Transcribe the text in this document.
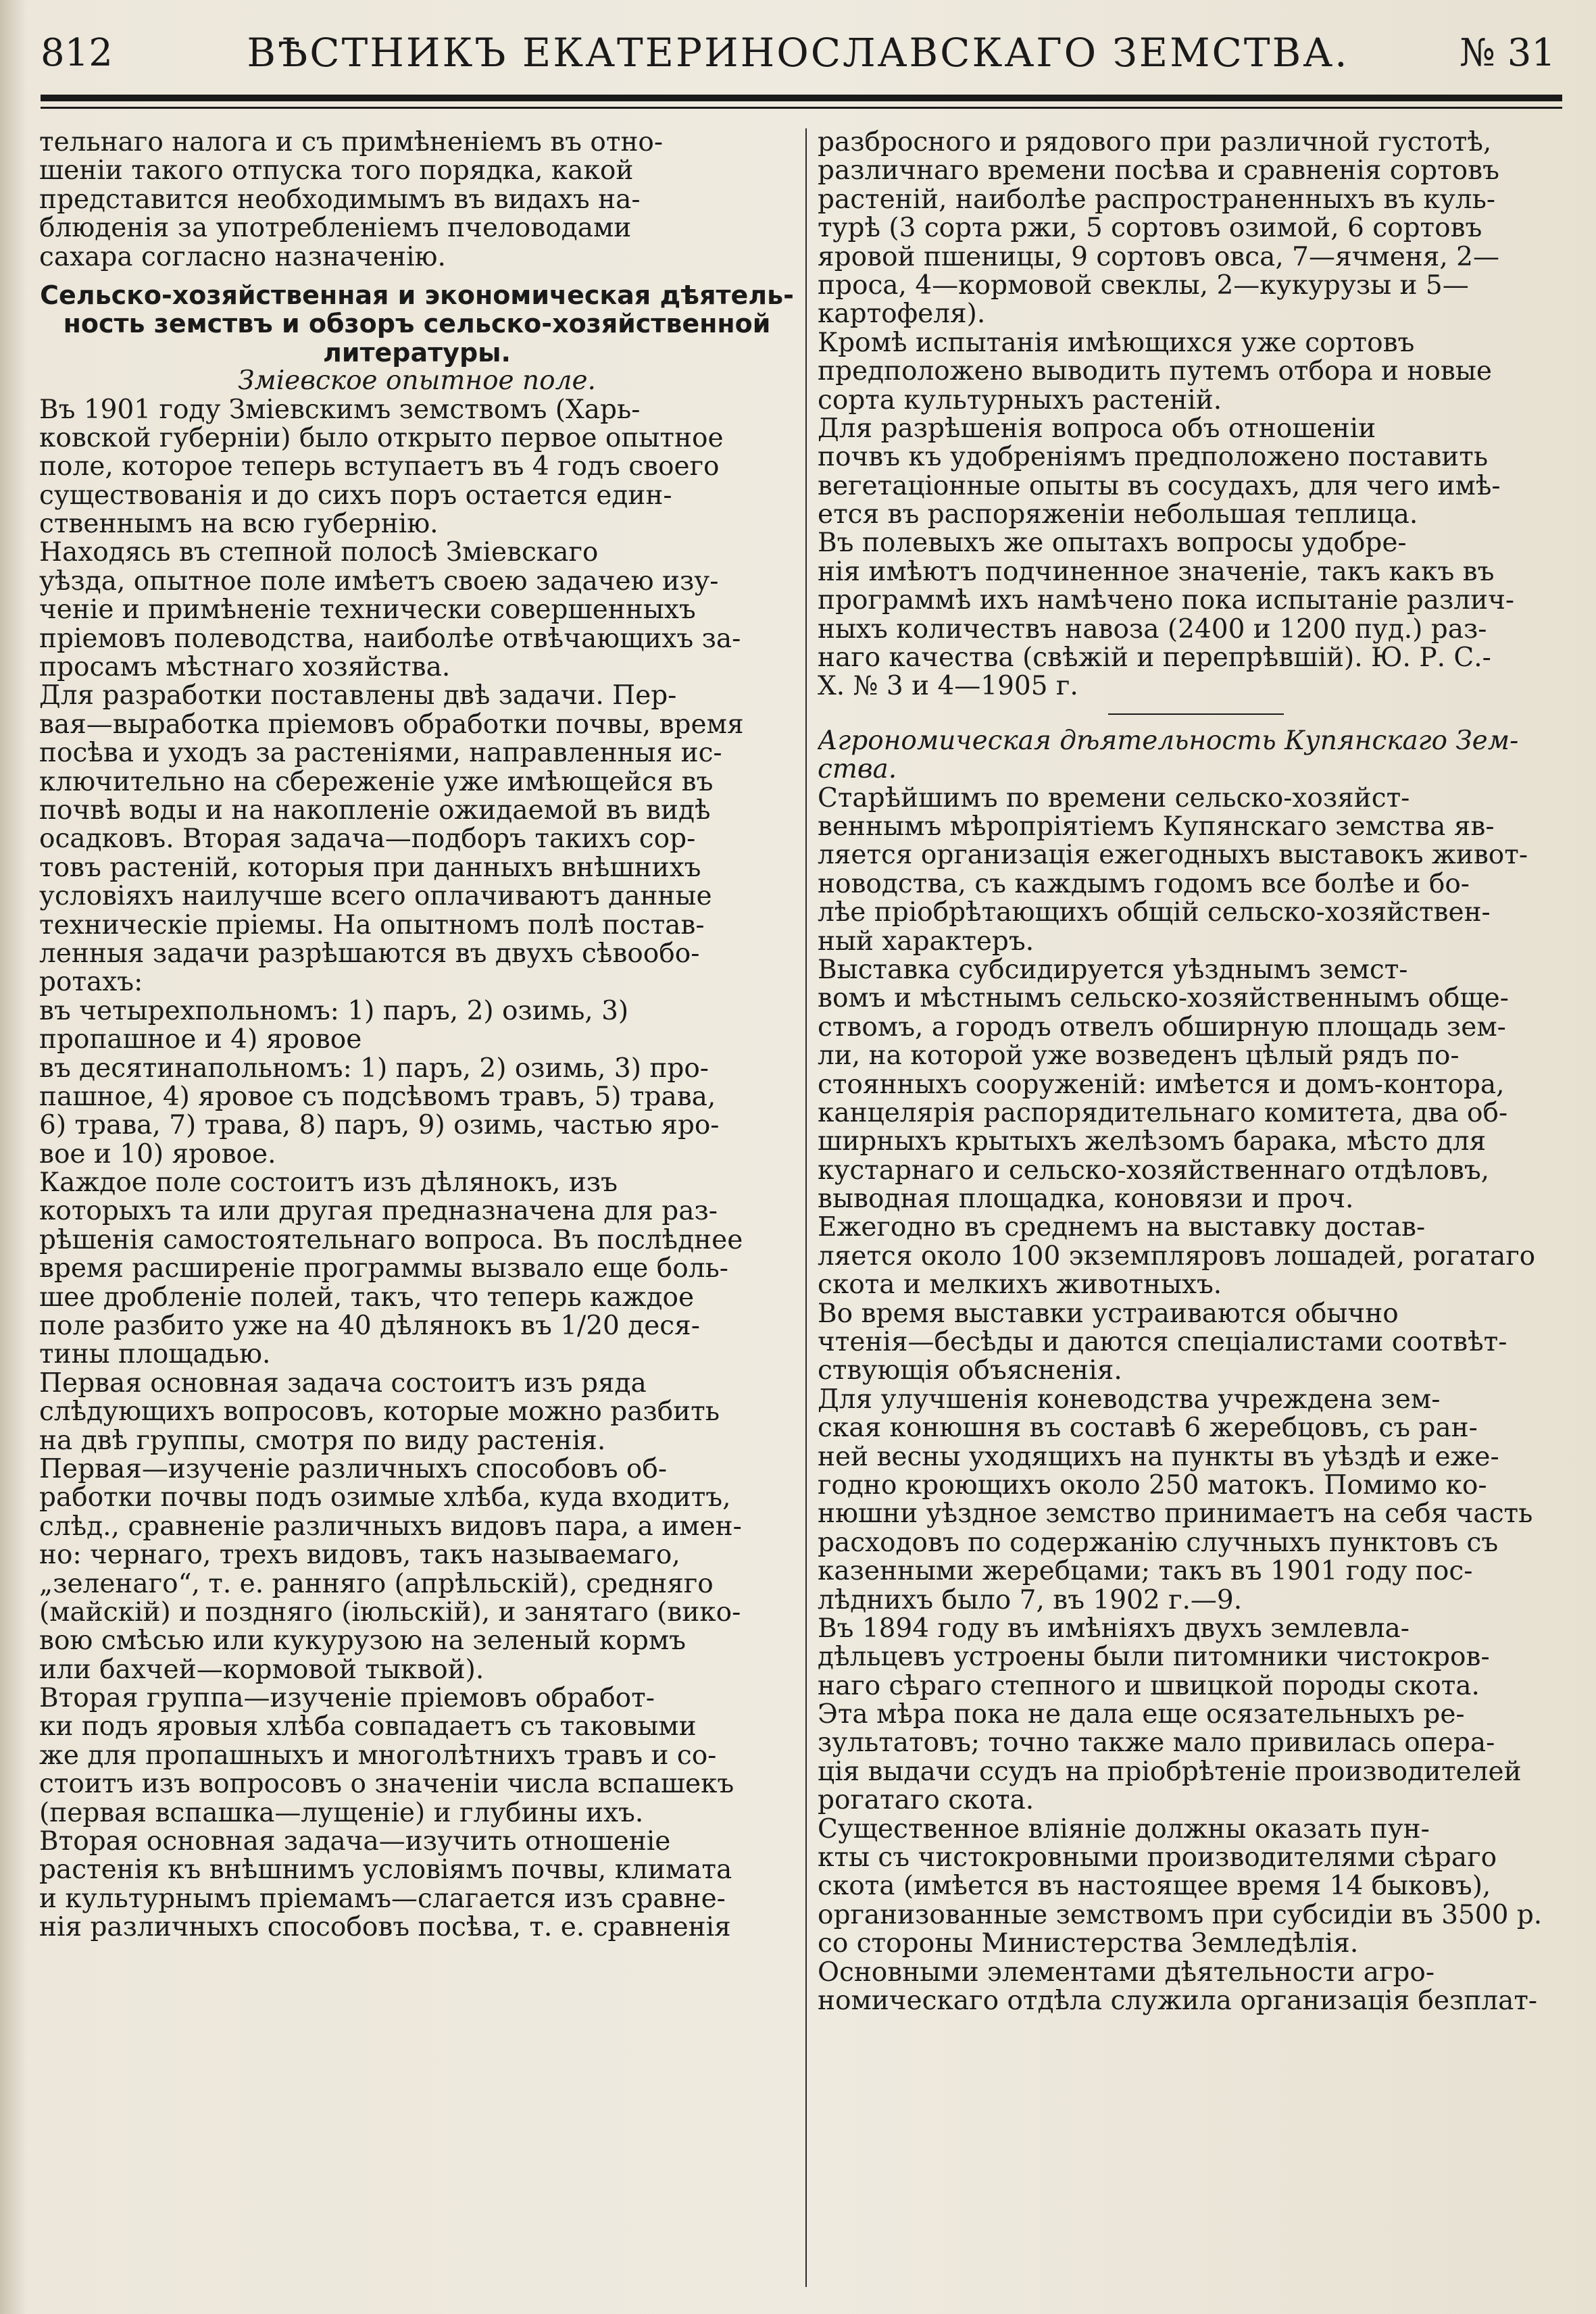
812	ВѢСТНИКЪ ЕКАТЕРИНОСЛАВСКАГО ЗЕМСТВА.	№ 31
тельнаго налога и съ примѣненіемъ въ отно-
шеніи такого отпуска того порядка, какой
представится необходимымъ въ видахъ на-
блюденія за употребленіемъ пчеловодами
сахара согласно назначенію.
Сельско-хозяйственная и экономическая дѣятель-
ность земствъ и обзоръ сельско-хозяйственной
литературы.
Зміевское опытное поле.
Въ 1901 году Зміевскимъ земствомъ (Харь-
ковской губерніи) было открыто первое опытное
поле, которое теперь вступаетъ въ 4 годъ своего
существованія и до сихъ поръ остается един-
ственнымъ на всю губернію.
Находясь въ степной полосѣ Зміевскаго
уѣзда, опытное поле имѣетъ своею задачею изу-
ченіе и примѣненіе технически совершенныхъ
пріемовъ полеводства, наиболѣе отвѣчающихъ за-
просамъ мѣстнаго хозяйства.
Для разработки поставлены двѣ задачи. Пер-
вая—выработка пріемовъ обработки почвы, время
посѣва и уходъ за растеніями, направленныя ис-
ключительно на сбереженіе уже имѣющейся въ
почвѣ воды и на накопленіе ожидаемой въ видѣ
осадковъ. Вторая задача—подборъ такихъ сор-
товъ растеній, которыя при данныхъ внѣшнихъ
условіяхъ наилучше всего оплачиваютъ данные
техническіе пріемы. На опытномъ полѣ постав-
ленныя задачи разрѣшаются въ двухъ сѣвообо-
ротахъ:
въ четырехпольномъ: 1) паръ, 2) озимь, 3)
пропашное и 4) яровое
въ десятинапольномъ: 1) паръ, 2) озимь, 3) про-
пашное, 4) яровое съ подсѣвомъ травъ, 5) трава,
6) трава, 7) трава, 8) паръ, 9) озимь, частью яро-
вое и 10) яровое.
Каждое поле состоитъ изъ дѣлянокъ, изъ
которыхъ та или другая предназначена для раз-
рѣшенія самостоятельнаго вопроса. Въ послѣднее
время расширеніе программы вызвало еще боль-
шее дробленіе полей, такъ, что теперь каждое
поле разбито уже на 40 дѣлянокъ въ 1/20 деся-
тины площадью.
Первая основная задача состоитъ изъ ряда
слѣдующихъ вопросовъ, которые можно разбить
на двѣ группы, смотря по виду растенія.
Первая—изученіе различныхъ способовъ об-
работки почвы подъ озимые хлѣба, куда входитъ,
слѣд., сравненіе различныхъ видовъ пара, а имен-
но: чернаго, трехъ видовъ, такъ называемаго,
„зеленаго“, т. е. ранняго (апрѣльскій), средняго
(майскій) и поздняго (іюльскій), и занятаго (вико-
вою смѣсью или кукурузою на зеленый кормъ
или бахчей—кормовой тыквой).
Вторая группа—изученіе пріемовъ обработ-
ки подъ яровыя хлѣба совпадаетъ съ таковыми
же для пропашныхъ и многолѣтнихъ травъ и со-
стоитъ изъ вопросовъ о значеніи числа вспашекъ
(первая вспашка—лущеніе) и глубины ихъ.
Вторая основная задача—изучить отношеніе
растенія къ внѣшнимъ условіямъ почвы, климата
и культурнымъ пріемамъ—слагается изъ сравне-
нія различныхъ способовъ посѣва, т. е. сравненія
разбросного и рядового при различной густотѣ,
различнаго времени посѣва и сравненія сортовъ
растеній, наиболѣе распространенныхъ въ куль-
турѣ (3 сорта ржи, 5 сортовъ озимой, 6 сортовъ
яровой пшеницы, 9 сортовъ овса, 7—ячменя, 2—
проса, 4—кормовой свеклы, 2—кукурузы и 5—
картофеля).
Кромѣ испытанія имѣющихся уже сортовъ
предположено выводить путемъ отбора и новые
сорта культурныхъ растеній.
Для разрѣшенія вопроса объ отношеніи
почвъ къ удобреніямъ предположено поставить
вегетаціонные опыты въ сосудахъ, для чего имѣ-
ется въ распоряженіи небольшая теплица.
Въ полевыхъ же опытахъ вопросы удобре-
нія имѣютъ подчиненное значеніе, такъ какъ въ
программѣ ихъ намѣчено пока испытаніе различ-
ныхъ количествъ навоза (2400 и 1200 пуд.) раз-
наго качества (свѣжій и перепрѣвшій). Ю. Р. С.-
Х. № 3 и 4—1905 г.
Агрономическая дѣятельность Купянскаго Зем-
ства.
Старѣйшимъ по времени сельско-хозяйст-
веннымъ мѣропріятіемъ Купянскаго земства яв-
ляется организація ежегодныхъ выставокъ живот-
новодства, съ каждымъ годомъ все болѣе и бо-
лѣе пріобрѣтающихъ общій сельско-хозяйствен-
ный характеръ.
Выставка субсидируется уѣзднымъ земст-
вомъ и мѣстнымъ сельско-хозяйственнымъ обще-
ствомъ, а городъ отвелъ обширную площадь зем-
ли, на которой уже возведенъ цѣлый рядъ по-
стоянныхъ сооруженій: имѣется и домъ-контора,
канцелярія распорядительнаго комитета, два об-
ширныхъ крытыхъ желѣзомъ барака, мѣсто для
кустарнаго и сельско-хозяйственнаго отдѣловъ,
выводная площадка, коновязи и проч.
Ежегодно въ среднемъ на выставку достав-
ляется около 100 экземпляровъ лошадей, рогатаго
скота и мелкихъ животныхъ.
Во время выставки устраиваются обычно
чтенія—бесѣды и даются спеціалистами соотвѣт-
ствующія объясненія.
Для улучшенія коневодства учреждена зем-
ская конюшня въ составѣ 6 жеребцовъ, съ ран-
ней весны уходящихъ на пункты въ уѣздѣ и еже-
годно кроющихъ около 250 матокъ. Помимо ко-
нюшни уѣздное земство принимаетъ на себя часть
расходовъ по содержанію случныхъ пунктовъ съ
казенными жеребцами; такъ въ 1901 году пос-
лѣднихъ было 7, въ 1902 г.—9.
Въ 1894 году въ имѣніяхъ двухъ землевла-
дѣльцевъ устроены были питомники чистокров-
наго сѣраго степного и швицкой породы скота.
Эта мѣра пока не дала еще осязательныхъ ре-
зультатовъ; точно также мало привилась опера-
ція выдачи ссудъ на пріобрѣтеніе производителей
рогатаго скота.
Существенное вліяніе должны оказать пун-
кты съ чистокровными производителями сѣраго
скота (имѣется въ настоящее время 14 быковъ),
организованные земствомъ при субсидіи въ 3500 р.
со стороны Министерства Земледѣлія.
Основными элементами дѣятельности агро-
номическаго отдѣла служила организація безплат-
